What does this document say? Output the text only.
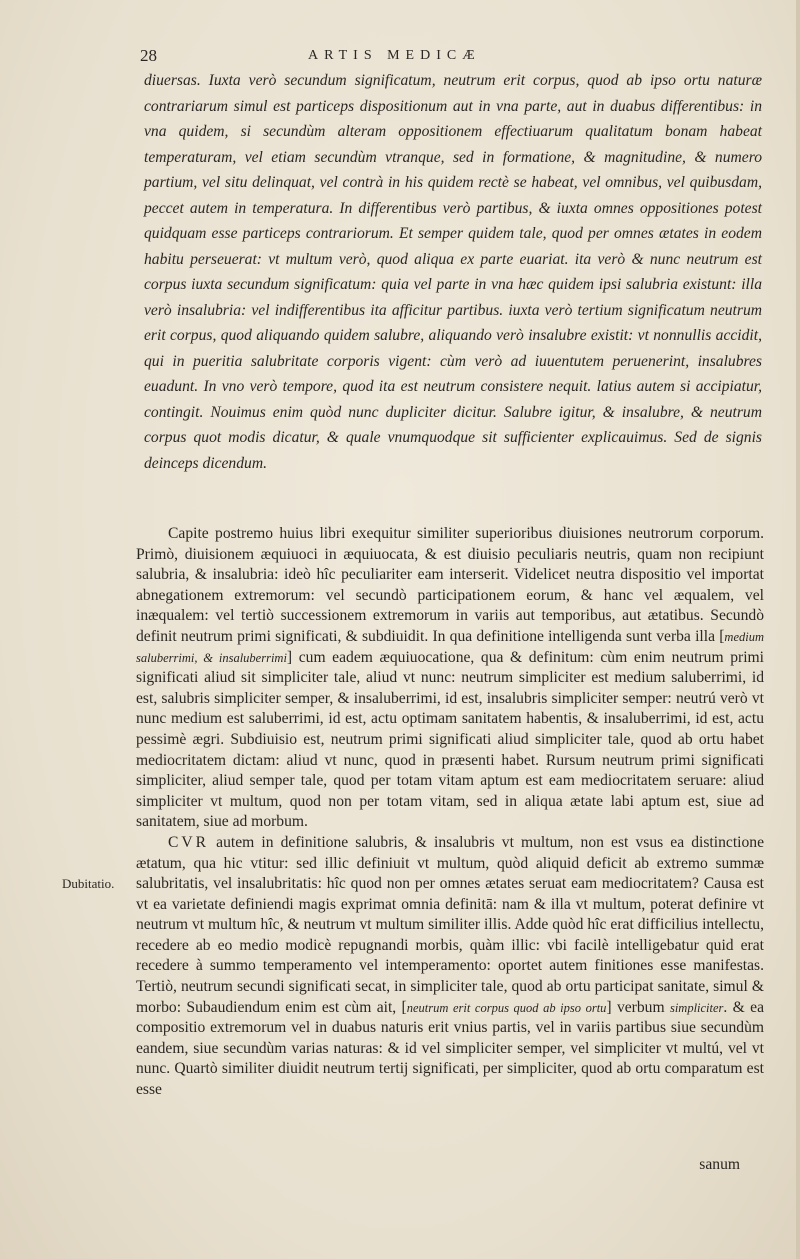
28	ARTIS MEDICÆ
diuersas. Iuxta verò secundum significatum, neutrum erit corpus, quod ab ipso ortu naturæ contrariarum simul est particeps dispositionum aut in vna parte, aut in duabus differentibus: in vna quidem, si secundùm alteram oppositionem effectiuarum qualitatum bonam habeat temperaturam, vel etiam secundùm vtranque, sed in formatione, & magnitudine, & numero partium, vel situ delinquat, vel contrà in his quidem rectè se habeat, vel omnibus, vel quibusdam, peccet autem in temperatura. In differentibus verò partibus, & iuxta omnes oppositiones potest quidquam esse particeps contrariorum. Et semper quidem tale, quod per omnes ætates in eodem habitu perseuerat: vt multum verò, quod aliqua ex parte euariat. ita verò & nunc neutrum est corpus iuxta secundum significatum: quia vel parte in vna hæc quidem ipsi salubria existunt: illa verò insalubria: vel indifferentibus ita afficitur partibus. iuxta verò tertium significatum neutrum erit corpus, quod aliquando quidem salubre, aliquando verò insalubre existit: vt nonnullis accidit, qui in pueritia salubritate corporis vigent: cùm verò ad iuuentutem peruenerint, insalubres euadunt. In vno verò tempore, quod ita est neutrum consistere nequit. latius autem si accipiatur, contingit. Nouimus enim quòd nunc dupliciter dicitur. Salubre igitur, & insalubre, & neutrum corpus quot modis dicatur, & quale vnumquodque sit sufficienter explicauimus. Sed de signis deinceps dicendum.
Dubitatio.

Capite postremo huius libri exequitur similiter superioribus diuisiones neutrorum corporum. Primò, diuisionem æquiuoci in æquiuocata, & est diuisio peculiaris neutris, quam non recipiunt salubria, & insalubria: ideò hîc peculiariter eam interserit. Videlicet neutra dispositio vel importat abnegationem extremorum: vel secundò participationem eorum, & hanc vel æqualem, vel inæqualem: vel tertiò successionem extremorum in variis aut temporibus, aut ætatibus. Secundò definit neutrum primi significati, & subdiuidit. In qua definitione intelligenda sunt verba illa [medium saluberrimi, & insaluberrimi] cum eadem æquiuocatione, qua & definitum: cùm enim neutrum primi significati aliud sit simpliciter tale, aliud vt nunc: neutrum simpliciter est medium saluberrimi, id est, salubris simpliciter semper, & insaluberrimi, id est, insalubris simpliciter semper: neutrú verò vt nunc medium est saluberrimi, id est, actu optimam sanitatem habentis, & insaluberrimi, id est, actu pessimè ægri. Subdiuisio est, neutrum primi significati aliud simpliciter tale, quod ab ortu habet mediocritatem dictam: aliud vt nunc, quod in præsenti habet. Rursum neutrum primi significati simpliciter, aliud semper tale, quod per totam vitam aptum est eam mediocritatem seruare: aliud simpliciter vt multum, quod non per totam vitam, sed in aliqua ætate labi aptum est, siue ad sanitatem, siue ad morbum.

CVR autem in definitione salubris, & insalubris vt multum, non est vsus ea distinctione ætatum, qua hic vtitur: sed illic definiuit vt multum, quòd aliquid deficit ab extremo summæ salubritatis, vel insalubritatis: hîc quod non per omnes ætates seruat eam mediocritatem? Causa est vt ea varietate definiendi magis exprimat omnia definitā: nam & illa vt multum, poterat definire vt neutrum vt multum hîc, & neutrum vt multum similiter illis. Adde quòd hîc erat difficilius intellectu, recedere ab eo medio modicè repugnandi morbis, quàm illic: vbi facilè intelligebatur quid erat recedere à summo temperamento vel intemperamento: oportet autem finitiones esse manifestas. Tertiò, neutrum secundi significati secat, in simpliciter tale, quod ab ortu participat sanitate, simul & morbo: Subaudiendum enim est cùm ait, [neutrum erit corpus quod ab ipso ortu] verbum simpliciter. & ea compositio extremorum vel in duabus naturis erit vnius partis, vel in variis partibus siue secundùm eandem, siue secundùm varias naturas: & id vel simpliciter semper, vel simpliciter vt multú, vel vt nunc. Quartò similiter diuidit neutrum tertij significati, per simpliciter, quod ab ortu comparatum est esse

sanum
